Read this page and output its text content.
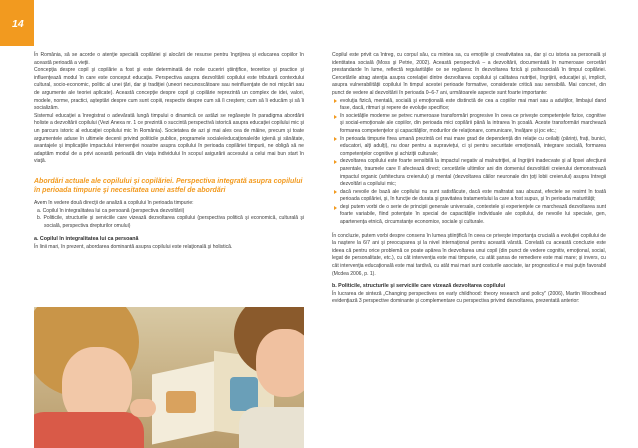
14

În România, să se acorde o atenţie specială copilăriei şi alocării de resurse pentru îngrijirea şi educarea copiilor în această perioadă a vieţii.

Concepţia despre copil şi copilărie a fost şi este determinată de noile cuceriri ştiinţifice, teoretice şi practice şi influenţează modul în care este conceput educaţia. Perspectiva asupra dezvoltării copilului este tributară contextului cultural, socio-economic, politic al unei ţări, dar şi tradiţiei (uneori necunoscătoare sau neinfluenţate de noi mişcări sau de argumente ale teoriei aplicate). Această concepţie despre copil şi copilărie reprezintă un complex de idei, valori, modele, norme, practici, aşteptări despre cum sunt copiii, respectiv despre cum să îi creştem; cum să îi educăm şi să îi socializăm.

Sistemul educaţiei a înregistrat o adevărată lungă timpului o dinamică ce astăzi se regăseşte în paradigma abordării holiste a dezvoltării copilului (Vezi Anexa nr. 1 ce prezintă o succintă perspectivă istorică asupra educaţiei copilului mic şi un parcurs istoric al educaţiei copilului mic în România). Societatea de azi şi mai ales cea de mâine, precum şi toate argumentele aduse în ultimele decenii privind politicile publice, programele sociale/educaţionale/de igienă şi sănătate, avantajele şi implicaţiile impactului intervenţiei noastre asupra copilului în perioada copilăriei timpurii, ne obligă să ne adaptăm modul de a privi această perioadă din viaţa individului în scopul asigurării accesului a celui mai bun start în viaţă.

Abordări actuale ale copilului şi copilăriei. Perspectiva integrată asupra copilului în perioada timpurie şi necesitatea unei astfel de abordări

Avem în vedere două direcţii de analiză a copilului în perioada timpurie:

a. Copilul în integralitatea lui ca persoană (perspectiva dezvoltării)
b. Politicile, structurile şi serviciile care vizează dezvoltarea copilului (perspectiva politică şi economică, culturală şi socială, perspectiva drepturilor omului)
a. Copilul în integralitatea lui ca persoană

În linii mari, în prezent, abordarea dominantă asupra copilului este relaţională şi holistică.

Copilul este privit ca întreg, cu corpul său, cu mintea sa, cu emoţiile şi creativitatea sa, dar şi cu istoria sa personală şi identitatea socială (Moss şi Petrie, 2002). Această perspectivă – a dezvoltării, documentată în numeroase cercetări prestandarde în lume, reflectă regularităţile ce se regăsesc în dezvoltarea fizică şi psihosocială în timpul copilăriei. Cercetările atrag atenţia asupra corelaţiei dintre dezvoltarea copilului şi calitatea nutriţiei, îngrijirii, educaţiei şi, implicit, asupra vulnerabilităţii copilului în timpul acestei perioade formative, considerate critică sau sensibilă. Mai concret, din punct de vedere al dezvoltării în perioada 0–6-7 ani, următoarele aspecte sunt foarte importante:

evoluţia fizică, mentală, socială şi emoţională este distinctă de cea a copiilor mai mari sau a adulţilor, limbajul dand fase, dacă, ritmuri şi repere de evoluţie specifice;
în societăţile moderne se petrec numeroase transformări progresive în ceea ce priveşte competenţele fizice, cognitive şi social-emoţionale ale copiilor, din perioada mici copilării până la intrarea în şcoală. Aceste transformări marchează formarea competenţelor şi capacităţilor, modurilor de relaţionare, comunicare, învăţare şi joc etc.;
în perioada timpurie firea umană prezintă cel mai mare grad de dependenţă din relaţie cu ceilalţi (părinţi, fraţi, bunici, educatori, alţi adulţi), nu doar pentru a supravieţui, ci şi pentru securitate emoţională, integrare socială, formarea competenţelor cognitive şi achiziţii culturale;
dezvoltarea copilului este foarte sensibilă la impactul negativ al malnutriţiei, al îngrijirii inadecvate şi al lipsei afecţiunii parentale, traumele care îl afectează direct; cercetările ultimilor ani din domeniul dezvoltării creierului demonstrează impactul organic (arhitectura creierului) şi mental (dezvoltarea căilor neuronale din ţoţi lobii creierului) asupra întregii dezvoltări a copilului mic;
dacă nevoile de bază ale copilului nu sunt satisfăcute, dacă este maltratat sau abuzat, efectele se resimt în toată perioada copilăriei, şi, în funcţie de durata şi gravitatea tratamentului la care a fost supus, şi în perioada maturităţii;
deşi putem vorbi de o serie de principii generale universale, contextele şi experienţele ce marchează dezvoltarea sunt foarte variabile, fiind potenţate în special de capacităţile individuale ale copilului, de nevoile lui speciale, gen, apartenenţa etnică, circumstanţe economice, sociale şi culturale.

În concluzie, putem vorbi despre consens în lumea ştiinţifică în ceea ce priveşte importanţa crucială a evoluţiei copilului de la naştere la 6/7 ani şi preocuparea şi la nivel internaţional pentru această vârstă. Corelată cu această concluzie este ideea că pentru orice problemă ce poate apărea în dezvoltarea unui copil (din punct de vedere cognitiv, emoţional, social, legat de personalitate, etc.), cu cât intervenţia este mai timpurie, cu atât şansa de remediere este mai mare; şi invers, cu cât intervenţia educaţională este mai tardivă, cu atât mai mari sunt costurile asociate, iar prognosticul e mai puţin favorabil (Mcdea 2006, p. 1).

b. Politicile, structurile şi serviciile care vizează dezvoltarea copilului

În lucrarea de sinteză „Changing perspectives on early childhood: theory research and policy" (2006), Martin Woodhead evidenţiază 3 perspective dominante şi complementare cu perspectiva privind dezvoltarea, prezentată anterior:
